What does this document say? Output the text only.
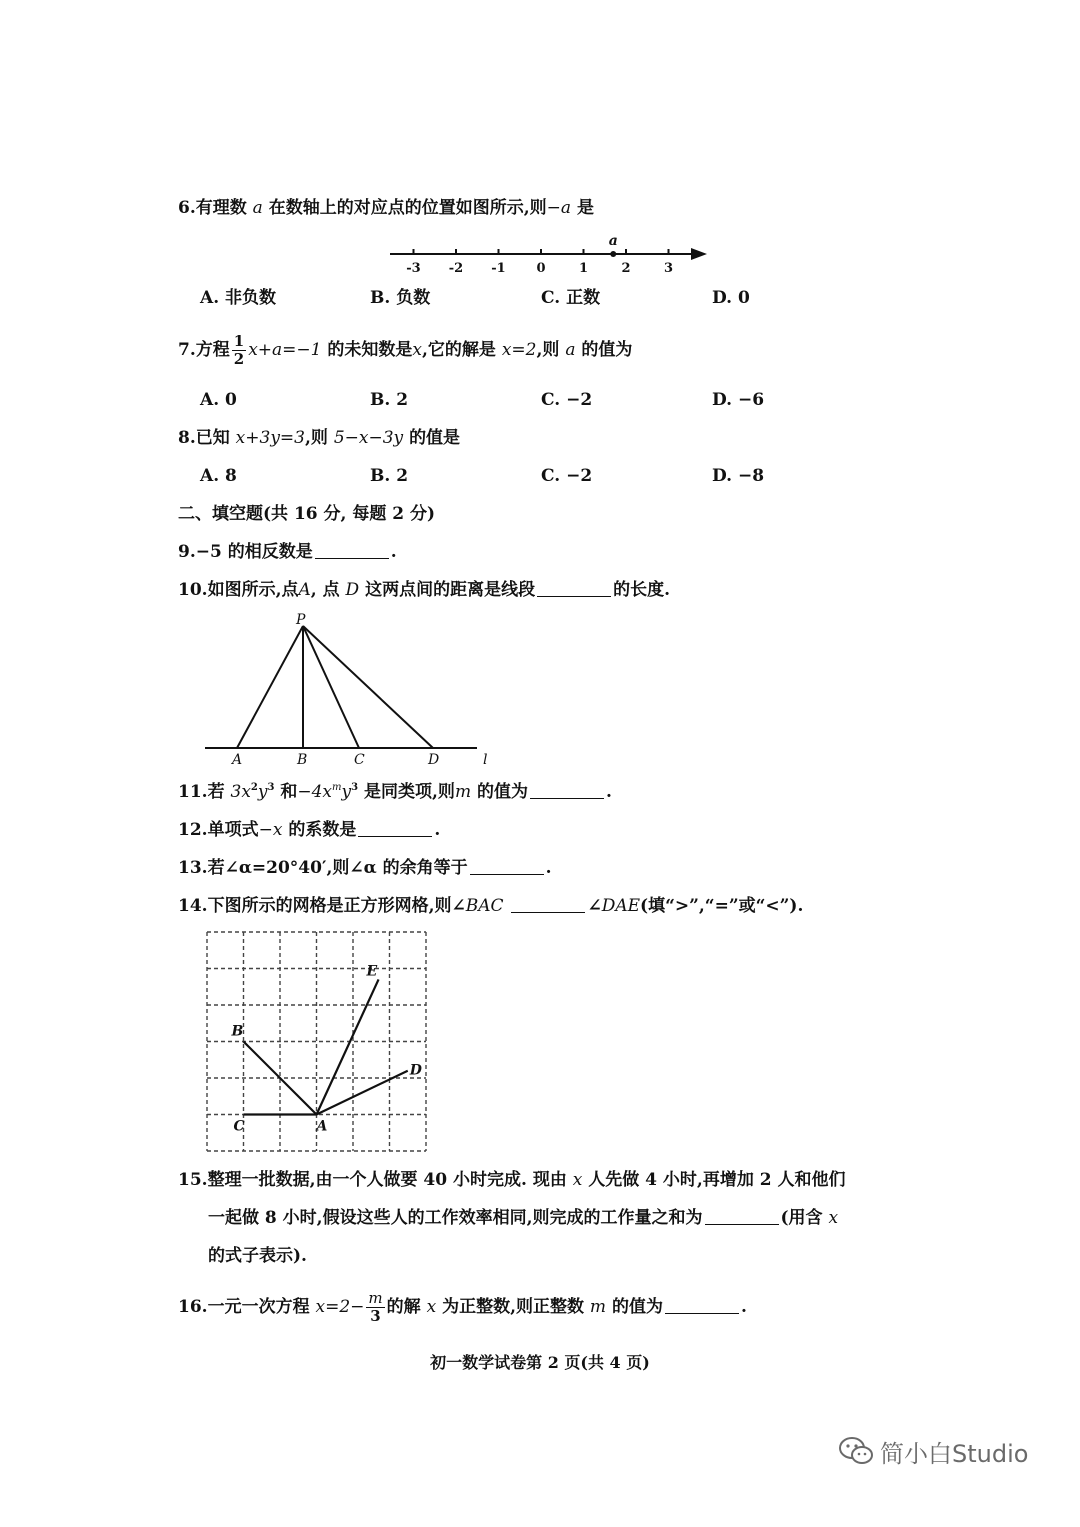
6.有理数 a 在数轴上的对应点的位置如图所示,则−a 是
-3 -2 -1 0	1	2	3
a
A. 非负数	B. 负数	C. 正数	D. 0
7.方程 $\frac{1}{2} x+a=-1$ 的未知数是x,它的解是 x=2,则 a 的值为
A. 0	B. 2	C. −2	D. −6
8.已知 x+3y=3,则 5−x−3y 的值是
A. 8	B. 2	C. −2	D. −8
二、填空题(共 16 分, 每题 2 分)
9.−5 的相反数是	.
10.如图所示,点A, 点 D 这两点间的距离是线段	的长度.
P
A	B	C	D	l
11.若 $3x^2y^3$ 和$-4x^my^3$ 是同类项,则m 的值为	.
12.单项式−x 的系数是	.
13.若∠α=20°40′,则∠α 的余角等于	.
14.下图所示的网格是正方形网格,则∠BAC	∠DAE(填“>”,“=”或“<”).
A
B
C
D
E
15.整理一批数据,由一个人做要 40 小时完成. 现由 x 人先做 4 小时,再增加 2 人和他们
一起做 8 小时,假设这些人的工作效率相同,则完成的工作量之和为	(用含 x
的式子表示).
16.一元一次方程 $x=2- \frac{m}{3}$ 的解 x 为正整数,则正整数 m 的值为	.
初一数学试卷第 2 页(共 4 页)
简小白Studio
